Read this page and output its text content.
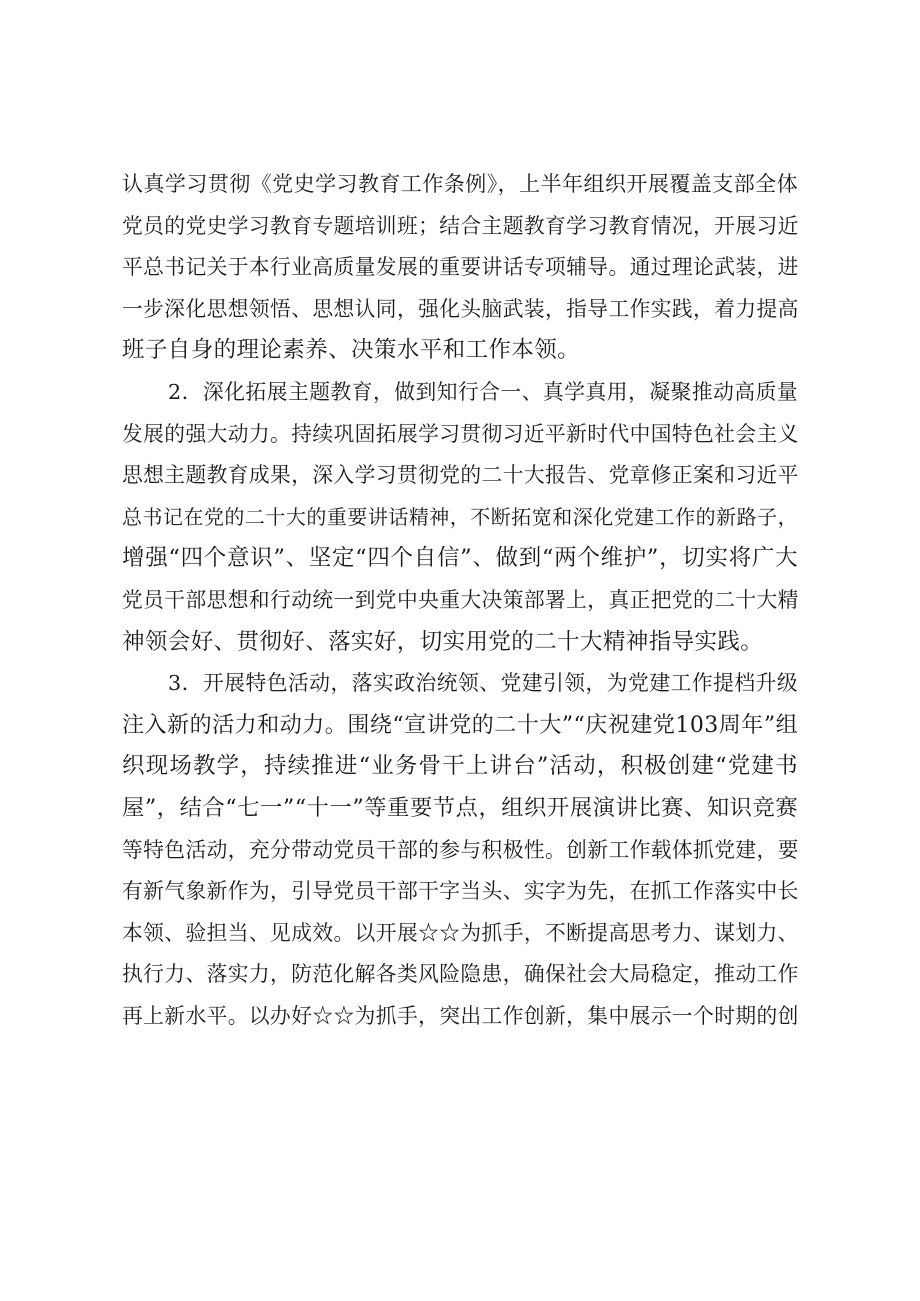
认真学习贯彻《党史学习教育工作条例》，上半年组织开展覆盖支部全体
党员的党史学习教育专题培训班；结合主题教育学习教育情况，开展习近
平总书记关于本行业高质量发展的重要讲话专项辅导。通过理论武装，进
一步深化思想领悟、思想认同，强化头脑武装，指导工作实践，着力提高
班子自身的理论素养、决策水平和工作本领。
2．深化拓展主题教育，做到知行合一、真学真用，凝聚推动高质量
发展的强大动力。持续巩固拓展学习贯彻习近平新时代中国特色社会主义
思想主题教育成果，深入学习贯彻党的二十大报告、党章修正案和习近平
总书记在党的二十大的重要讲话精神，不断拓宽和深化党建工作的新路子，
增强“四个意识”、坚定“四个自信”、做到“两个维护”，切实将广大
党员干部思想和行动统一到党中央重大决策部署上，真正把党的二十大精
神领会好、贯彻好、落实好，切实用党的二十大精神指导实践。
3．开展特色活动，落实政治统领、党建引领，为党建工作提档升级
注入新的活力和动力。围绕“宣讲党的二十大”“庆祝建党103周年”组
织现场教学，持续推进“业务骨干上讲台”活动，积极创建“党建书
屋”，结合“七一”“十一”等重要节点，组织开展演讲比赛、知识竞赛
等特色活动，充分带动党员干部的参与积极性。创新工作载体抓党建，要
有新气象新作为，引导党员干部干字当头、实字为先，在抓工作落实中长
本领、验担当、见成效。以开展☆☆为抓手，不断提高思考力、谋划力、
执行力、落实力，防范化解各类风险隐患，确保社会大局稳定，推动工作
再上新水平。以办好☆☆为抓手，突出工作创新，集中展示一个时期的创
